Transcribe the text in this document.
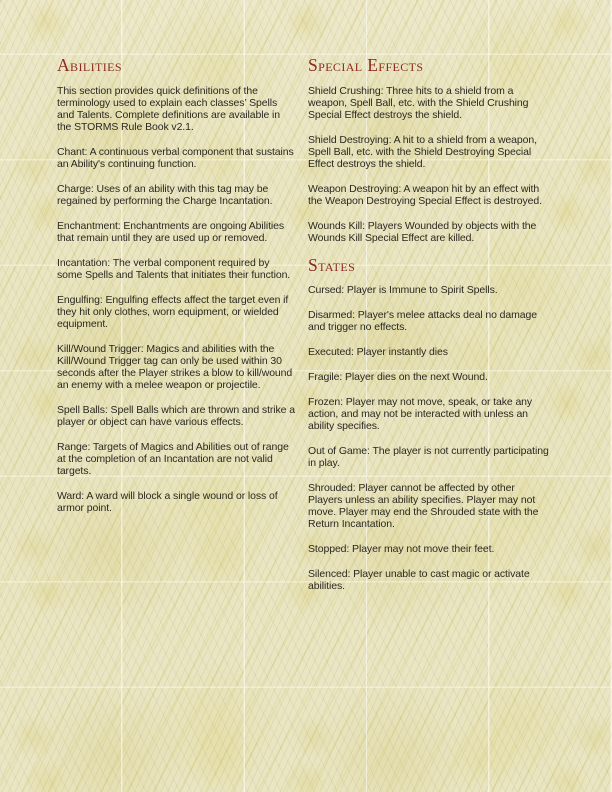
Abilities

This section provides quick definitions of the terminology used to explain each classes’ Spells and Talents. Complete definitions are available in the STORMS Rule Book v2.1.

Chant: A continuous verbal component that sustains an Ability's continuing function.

Charge: Uses of an ability with this tag may be regained by performing the Charge Incantation.

Enchantment: Enchantments are ongoing Abilities that remain until they are used up or removed.

Incantation: The verbal component required by some Spells and Talents that initiates their function.

Engulfing: Engulfing effects affect the target even if they hit only clothes, worn equipment, or wielded equipment.

Kill/Wound Trigger: Magics and abilities with the Kill/Wound Trigger tag can only be used within 30 seconds after the Player strikes a blow to kill/wound an enemy with a melee weapon or projectile.

Spell Balls: Spell Balls which are thrown and strike a player or object can have various effects.

Range: Targets of Magics and Abilities out of range at the completion of an Incantation are not valid targets.

Ward: A ward will block a single wound or loss of armor point.

Special Effects

Shield Crushing: Three hits to a shield from a weapon, Spell Ball, etc. with the Shield Crushing Special Effect destroys the shield.

Shield Destroying: A hit to a shield from a weapon, Spell Ball, etc. with the Shield Destroying Special Effect destroys the shield.

Weapon Destroying: A weapon hit by an effect with the Weapon Destroying Special Effect is destroyed.

Wounds Kill: Players Wounded by objects with the Wounds Kill Special Effect are killed.

States

Cursed: Player is Immune to Spirit Spells.

Disarmed: Player's melee attacks deal no damage and trigger no effects.

Executed: Player instantly dies

Fragile: Player dies on the next Wound.

Frozen: Player may not move, speak, or take any action, and may not be interacted with unless an ability specifies.

Out of Game: The player is not currently participating in play.

Shrouded: Player cannot be affected by other Players unless an ability specifies. Player may not move. Player may end the Shrouded state with the Return Incantation.

Stopped: Player may not move their feet.

Silenced: Player unable to cast magic or activate abilities.
